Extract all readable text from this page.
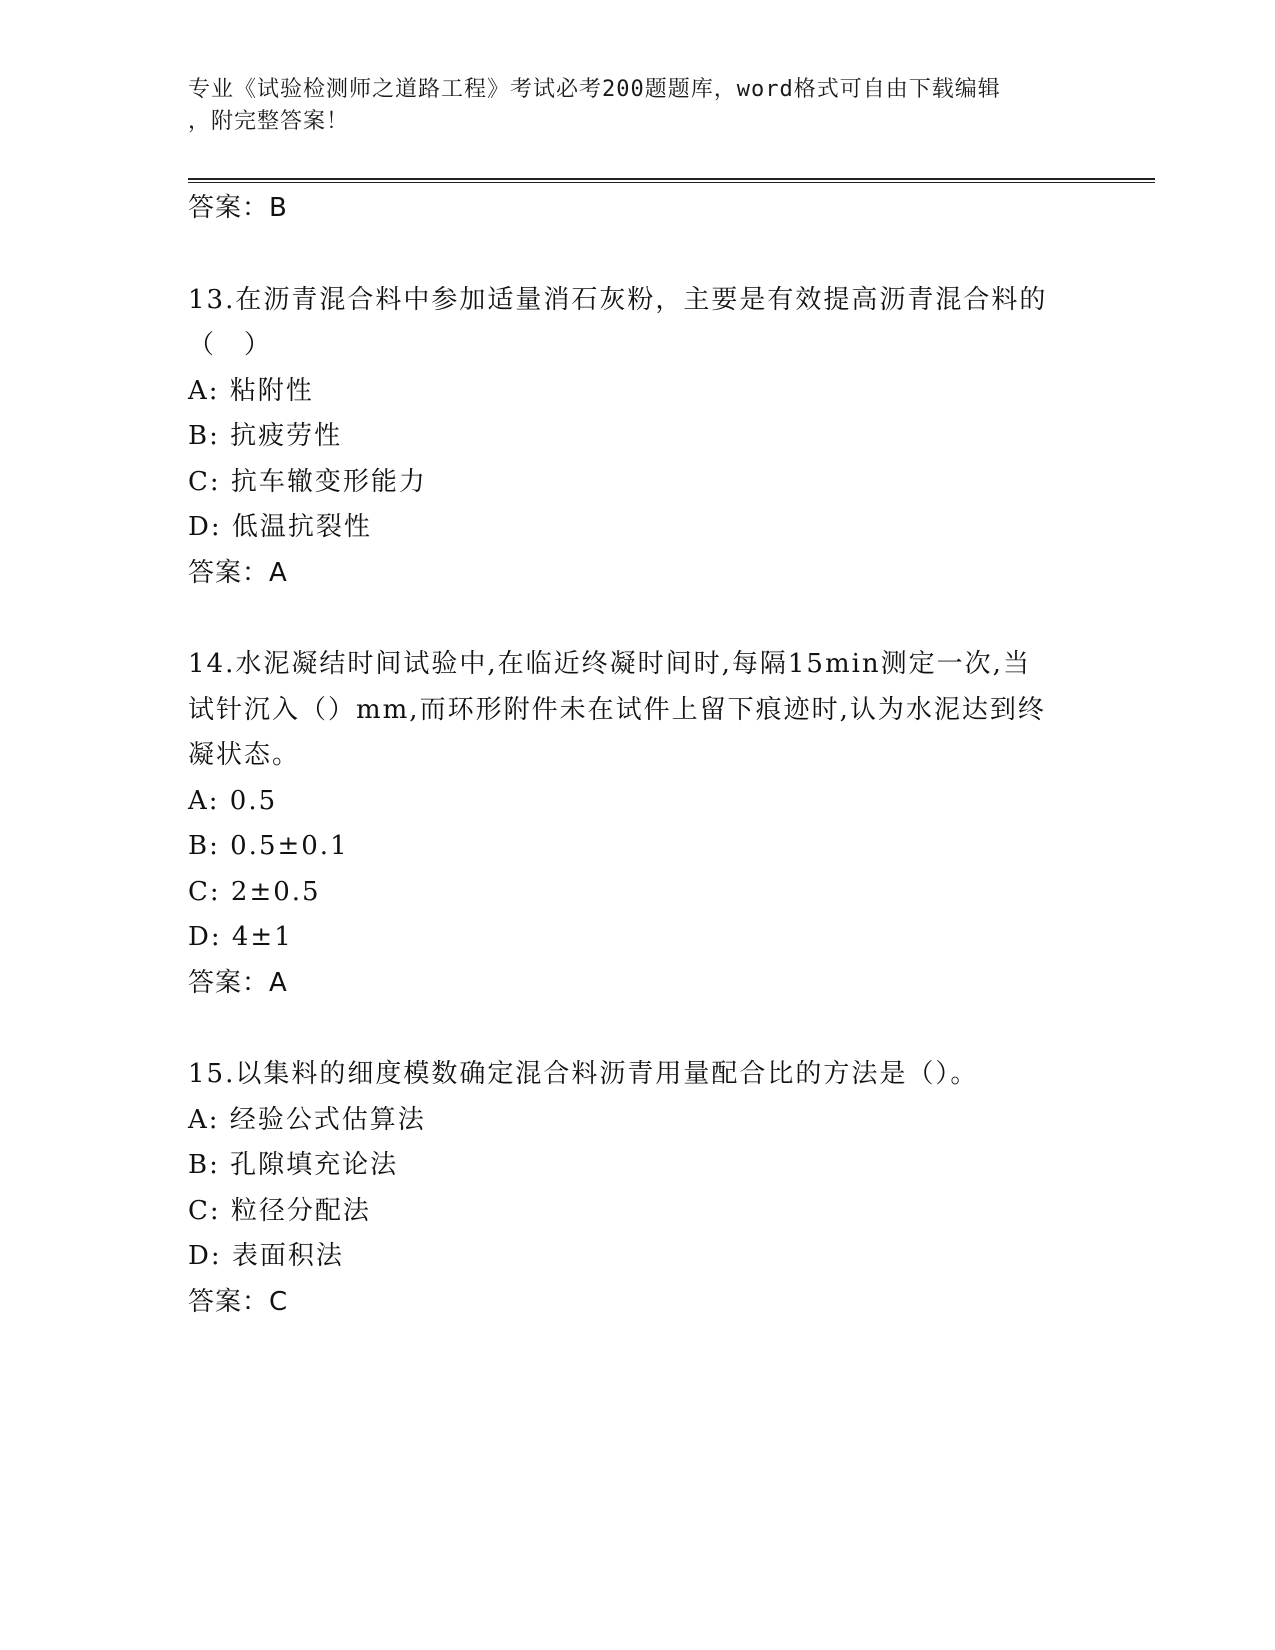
专业《试验检测师之道路工程》考试必考200题题库，word格式可自由下载编辑
，附完整答案！
答案：B
13.在沥青混合料中参加适量消石灰粉，主要是有效提高沥青混合料的
（　）
A: 粘附性
B: 抗疲劳性
C: 抗车辙变形能力
D: 低温抗裂性
答案：A
14.水泥凝结时间试验中,在临近终凝时间时,每隔15min测定一次,当
试针沉入（）mm,而环形附件未在试件上留下痕迹时,认为水泥达到终
凝状态。
A: 0.5
B: 0.5±0.1
C: 2±0.5
D: 4±1
答案：A
15.以集料的细度模数确定混合料沥青用量配合比的方法是（）。
A: 经验公式估算法
B: 孔隙填充论法
C: 粒径分配法
D: 表面积法
答案：C
